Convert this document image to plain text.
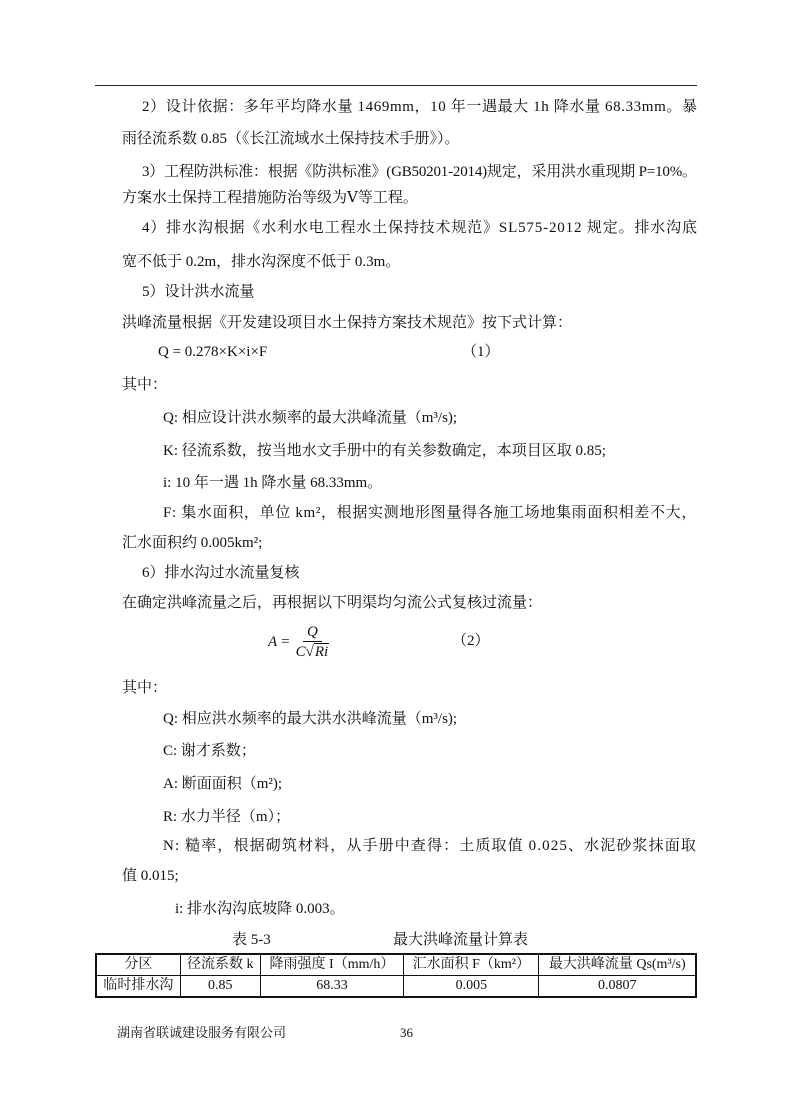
2）设计依据：多年平均降水量 1469mm，10 年一遇最大 1h 降水量 68.33mm。暴
雨径流系数 0.85（《长江流域水土保持技术手册》）。
3）工程防洪标准：根据《防洪标准》(GB50201-2014)规定，采用洪水重现期 P=10%。
方案水土保持工程措施防治等级为Ⅴ等工程。
4）排水沟根据《水利水电工程水土保持技术规范》SL575-2012 规定。排水沟底
宽不低于 0.2m，排水沟深度不低于 0.3m。
5）设计洪水流量
洪峰流量根据《开发建设项目水土保持方案技术规范》按下式计算：
Q = 0.278×K×i×F	（1）
其中：
Q: 相应设计洪水频率的最大洪峰流量（m³/s);
K: 径流系数，按当地水文手册中的有关参数确定，本项目区取 0.85;
i: 10 年一遇 1h 降水量 68.33mm。
F: 集水面积，单位 km²，根据实测地形图量得各施工场地集雨面积相差不大，
汇水面积约 0.005km²;
6）排水沟过水流量复核
在确定洪峰流量之后，再根据以下明渠均匀流公式复核过流量：
$A = \frac{Q}{C√Ri}$	（2）
其中：
Q: 相应洪水频率的最大洪水洪峰流量（m³/s);
C: 谢才系数；
A: 断面面积（m²);
R: 水力半径（m）；
N: 糙率，根据砌筑材料，从手册中查得：土质取值 0.025、水泥砂浆抹面取
值 0.015;
i: 排水沟沟底坡降 0.003。
表 5-3	最大洪峰流量计算表
分区	径流系数 k	降雨强度 I（mm/h）	汇水面积 F（km²）	最大洪峰流量 Qs(m³/s)
临时排水沟	0.85	68.33	0.005	0.0807
湖南省联诚建设服务有限公司	36
